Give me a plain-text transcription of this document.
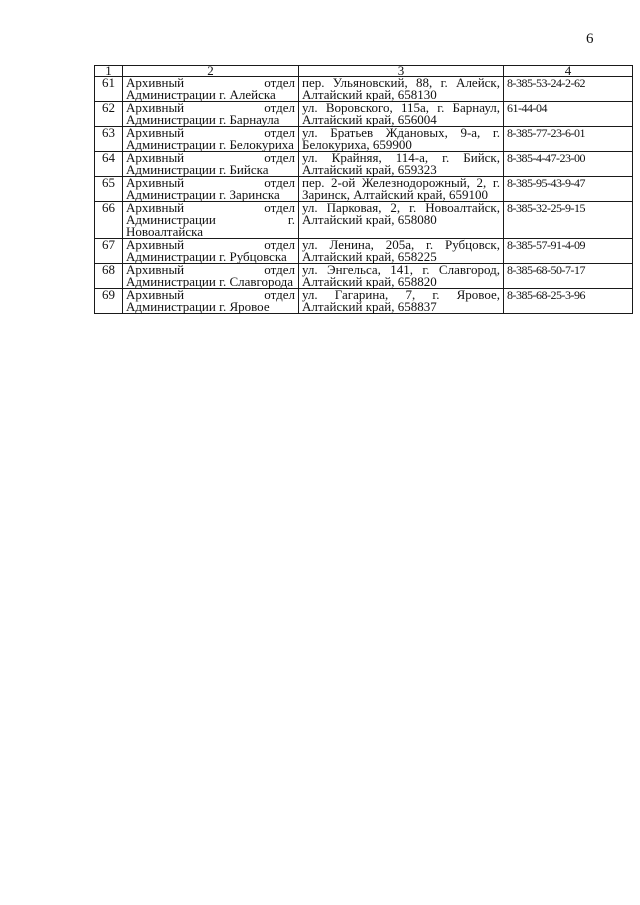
6
1	2	3	4
61	Архивный отдел Администрации г. Алейска	пер. Ульяновский, 88, г. Алейск, Алтайский край, 658130	8-385-53-24-2-62
62	Архивный отдел Администрации г. Барнаула	ул. Воровского, 115а, г. Барнаул, Алтайский край, 656004	61-44-04
63	Архивный отдел Администрации г. Белокуриха	ул. Братьев Ждановых, 9-а, г. Белокуриха, 659900	8-385-77-23-6-01
64	Архивный отдел Администрации г. Бийска	ул. Крайняя, 114-а, г. Бийск, Алтайский край, 659323	8-385-4-47-23-00
65	Архивный отдел Администрации г. Заринска	пер. 2-ой Железнодорожный, 2, г. Заринск, Алтайский край, 659100	8-385-95-43-9-47
66	Архивный отдел Администрации г. Новоалтайска	ул. Парковая, 2, г. Новоалтайск, Алтайский край, 658080	8-385-32-25-9-15
67	Архивный отдел Администрации г. Рубцовска	ул. Ленина, 205а, г. Рубцовск, Алтайский край, 658225	8-385-57-91-4-09
68	Архивный отдел Администрации г. Славгорода	ул. Энгельса, 141, г. Славгород, Алтайский край, 658820	8-385-68-50-7-17
69	Архивный отдел Администрации г. Яровое	ул. Гагарина, 7, г. Яровое, Алтайский край, 658837	8-385-68-25-3-96
